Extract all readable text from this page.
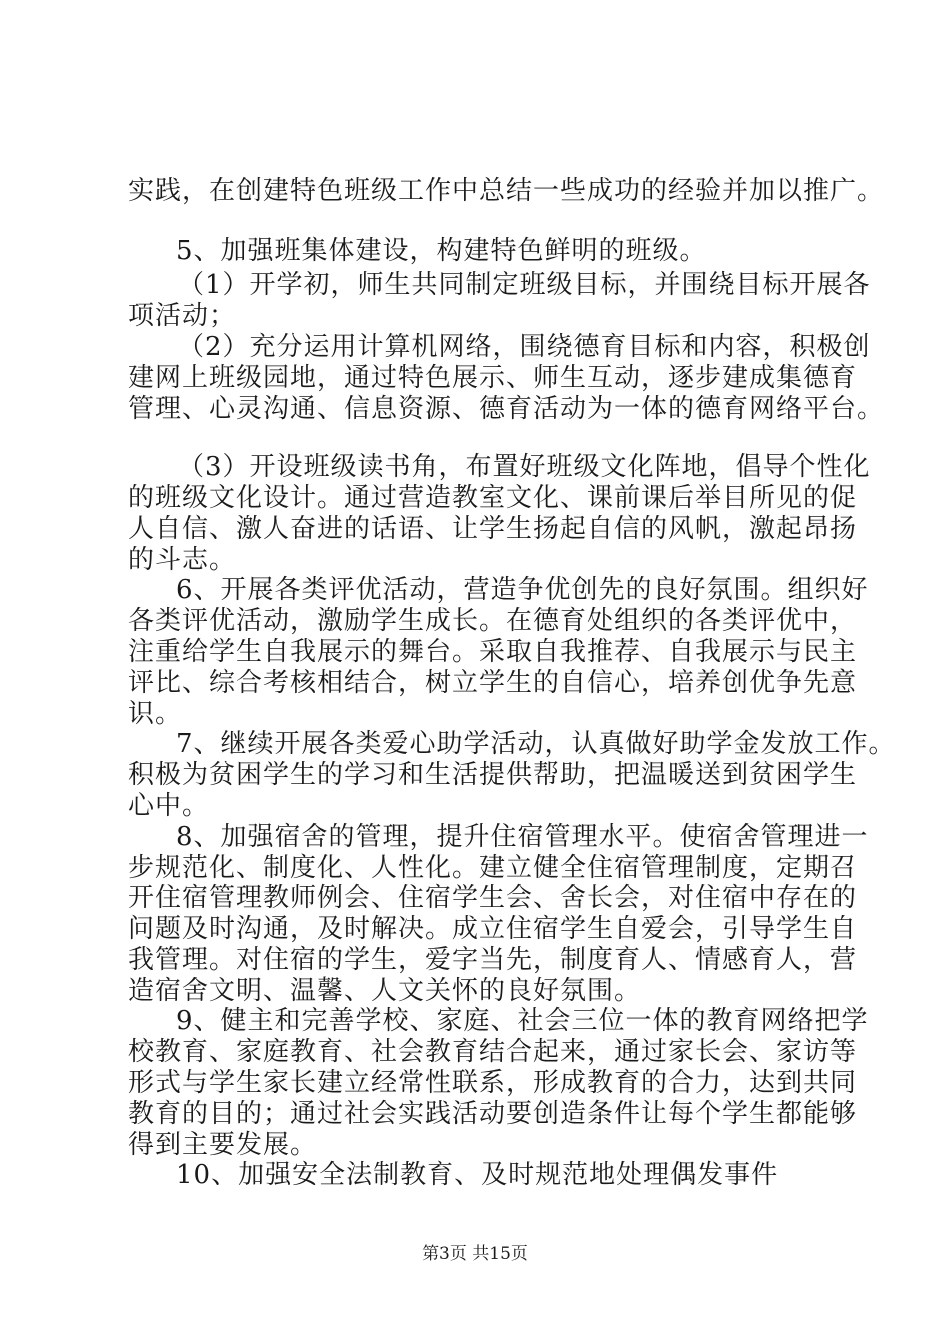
实践，在创建特色班级工作中总结一些成功的经验并加以推广。
5、加强班集体建设，构建特色鲜明的班级。
（1）开学初，师生共同制定班级目标，并围绕目标开展各
项活动；
（2）充分运用计算机网络，围绕德育目标和内容，积极创
建网上班级园地，通过特色展示、师生互动，逐步建成集德育
管理、心灵沟通、信息资源、德育活动为一体的德育网络平台。
（3）开设班级读书角，布置好班级文化阵地，倡导个性化
的班级文化设计。通过营造教室文化、课前课后举目所见的促
人自信、激人奋进的话语、让学生扬起自信的风帆，激起昂扬
的斗志。
6、开展各类评优活动，营造争优创先的良好氛围。组织好
各类评优活动，激励学生成长。在德育处组织的各类评优中，
注重给学生自我展示的舞台。采取自我推荐、自我展示与民主
评比、综合考核相结合，树立学生的自信心，培养创优争先意
识。
7、继续开展各类爱心助学活动，认真做好助学金发放工作。
积极为贫困学生的学习和生活提供帮助，把温暖送到贫困学生
心中。
8、加强宿舍的管理，提升住宿管理水平。使宿舍管理进一
步规范化、制度化、人性化。建立健全住宿管理制度，定期召
开住宿管理教师例会、住宿学生会、舍长会，对住宿中存在的
问题及时沟通，及时解决。成立住宿学生自爱会，引导学生自
我管理。对住宿的学生，爱字当先，制度育人、情感育人，营
造宿舍文明、温馨、人文关怀的良好氛围。
9、健主和完善学校、家庭、社会三位一体的教育网络把学
校教育、家庭教育、社会教育结合起来，通过家长会、家访等
形式与学生家长建立经常性联系，形成教育的合力，达到共同
教育的目的；通过社会实践活动要创造条件让每个学生都能够
得到主要发展。
10、加强安全法制教育、及时规范地处理偶发事件
第3页 共15页
